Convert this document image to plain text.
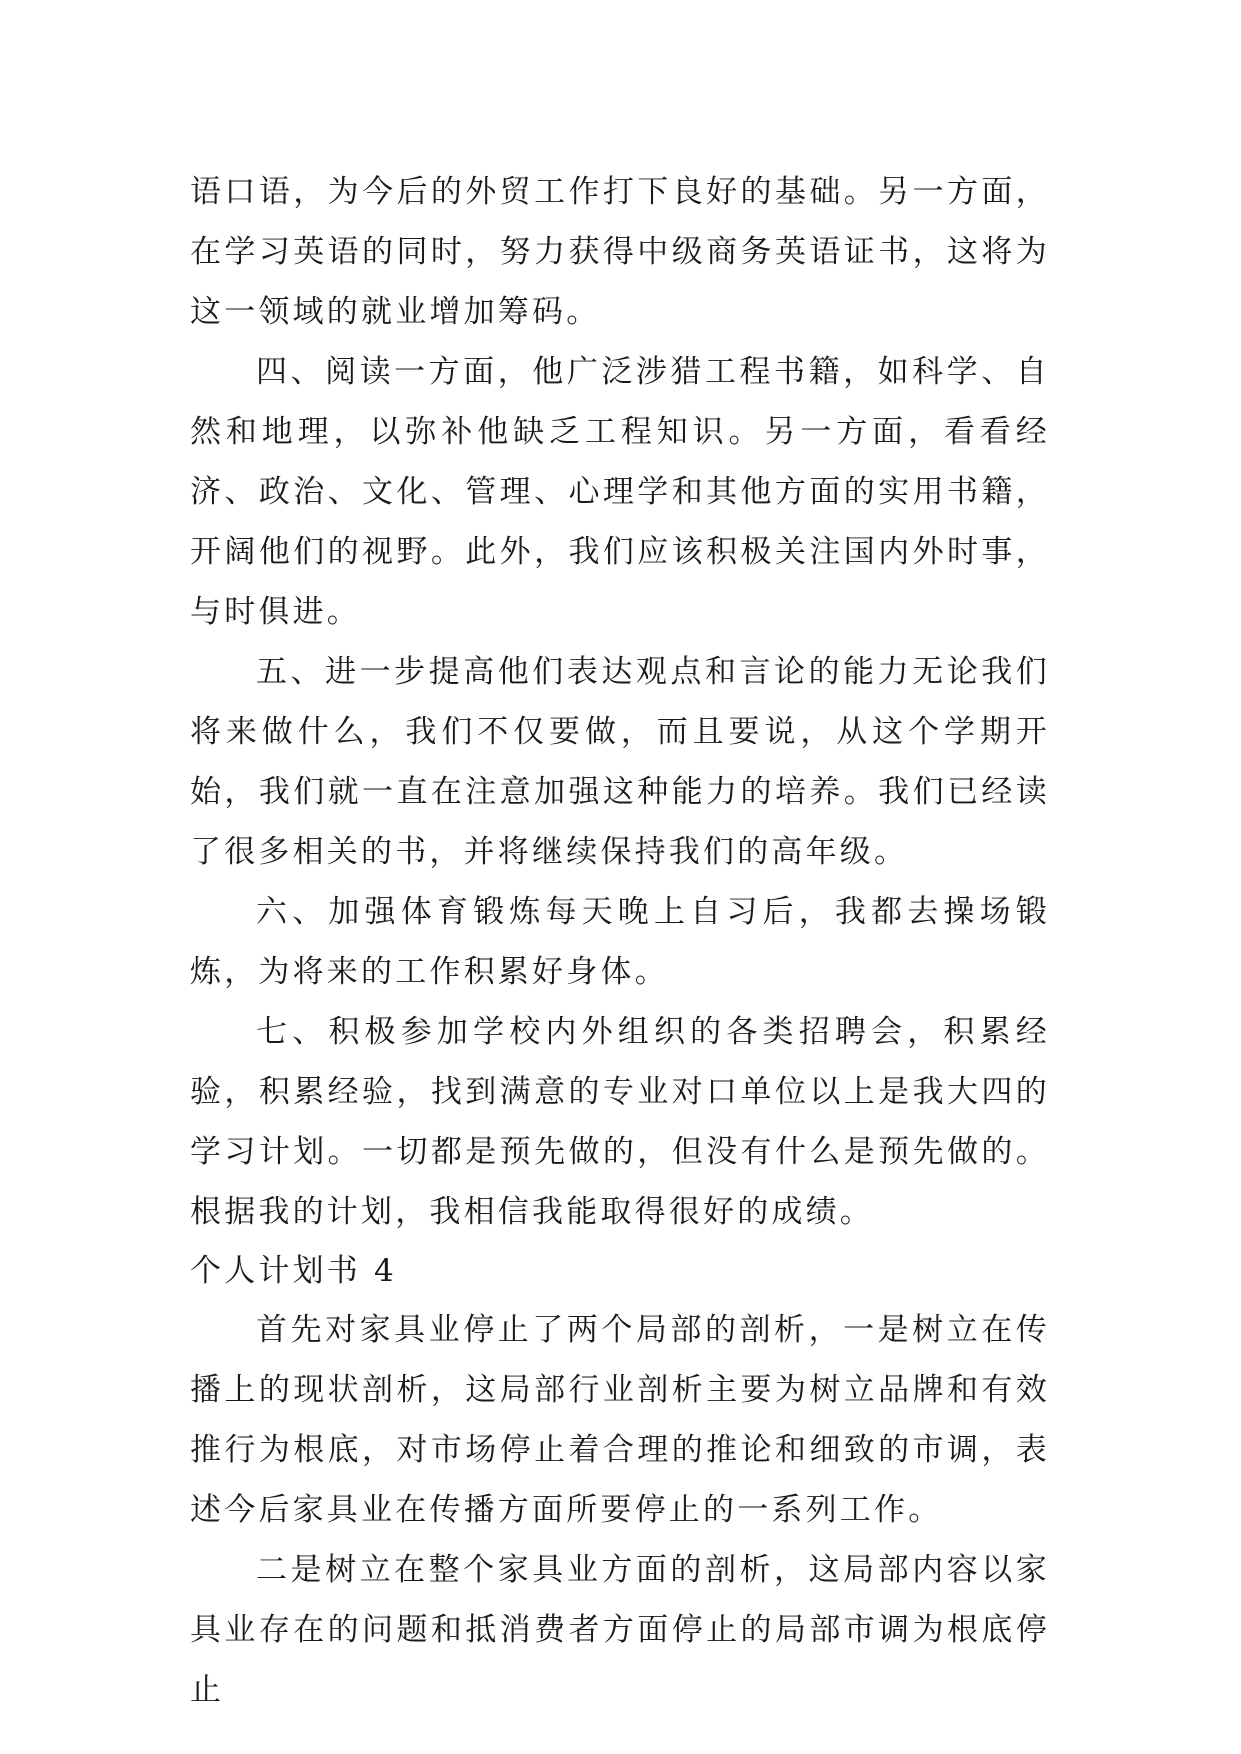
语口语，为今后的外贸工作打下良好的基础。另一方面，在学习英语的同时，努力获得中级商务英语证书，这将为这一领域的就业增加筹码。

四、阅读一方面，他广泛涉猎工程书籍，如科学、自然和地理，以弥补他缺乏工程知识。另一方面，看看经济、政治、文化、管理、心理学和其他方面的实用书籍，开阔他们的视野。此外，我们应该积极关注国内外时事，与时俱进。

五、进一步提高他们表达观点和言论的能力无论我们将来做什么，我们不仅要做，而且要说，从这个学期开始，我们就一直在注意加强这种能力的培养。我们已经读了很多相关的书，并将继续保持我们的高年级。

六、加强体育锻炼每天晚上自习后，我都去操场锻炼，为将来的工作积累好身体。

七、积极参加学校内外组织的各类招聘会，积累经验，积累经验，找到满意的专业对口单位以上是我大四的学习计划。一切都是预先做的，但没有什么是预先做的。根据我的计划，我相信我能取得很好的成绩。

个人计划书 4

首先对家具业停止了两个局部的剖析，一是树立在传播上的现状剖析，这局部行业剖析主要为树立品牌和有效推行为根底，对市场停止着合理的推论和细致的市调，表述今后家具业在传播方面所要停止的一系列工作。

二是树立在整个家具业方面的剖析，这局部内容以家具业存在的问题和抵消费者方面停止的局部市调为根底停止
